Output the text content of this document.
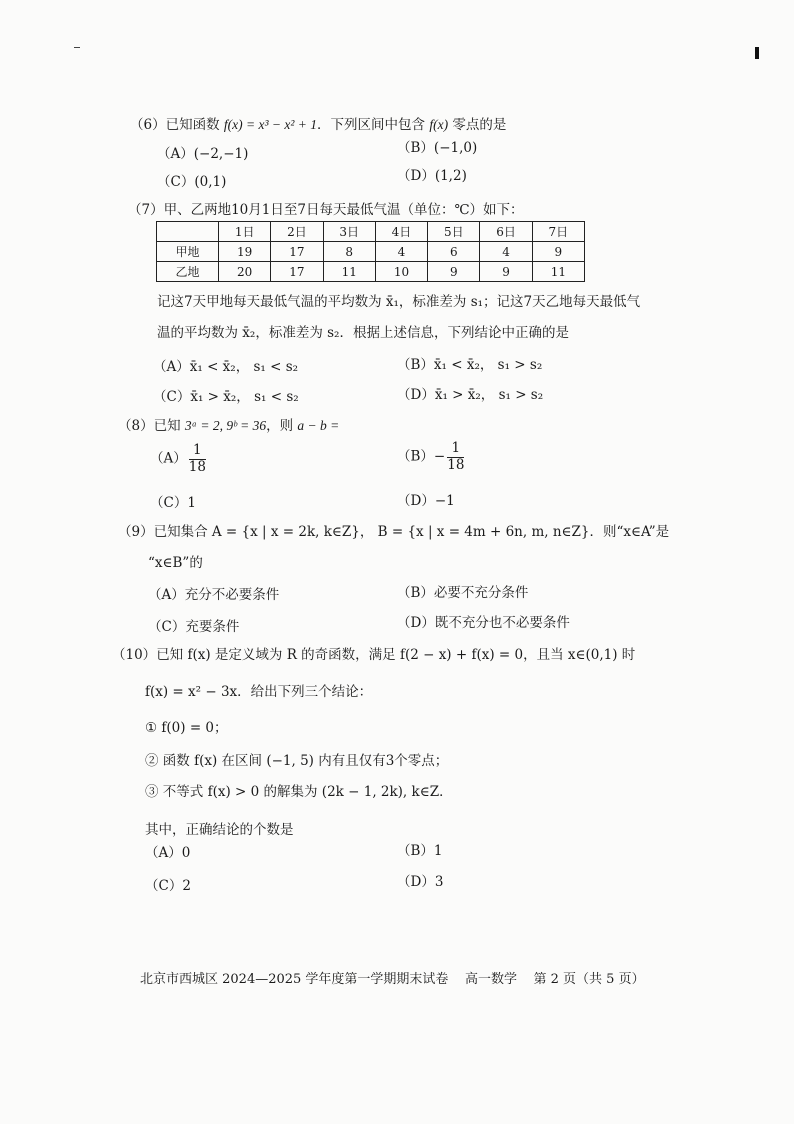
（6）已知函数 f(x) = x³ − x² + 1．下列区间中包含 f(x) 零点的是
（A）(−2,−1)	（B）(−1,0)
（C）(0,1)	（D）(1,2)
（7）甲、乙两地10月1日至7日每天最低气温（单位：℃）如下：
	1日	2日	3日	4日	5日	6日	7日
甲地	19	17	8	4	6	4	9
乙地	20	17	11	10	9	9	11
记这7天甲地每天最低气温的平均数为 x̄₁，标准差为 s₁；记这7天乙地每天最低气
温的平均数为 x̄₂，标准差为 s₂．根据上述信息，下列结论中正确的是
（A）x̄₁ < x̄₂， s₁ < s₂	（B）x̄₁ < x̄₂， s₁ > s₂
（C）x̄₁ > x̄₂， s₁ < s₂	（D）x̄₁ > x̄₂， s₁ > s₂
（8）已知 3ᵃ = 2, 9ᵇ = 36，则 a − b =
$(A) \frac{1}{18}$	$(B)- \frac{1}{18}$
（C）1	（D）−1
（9）已知集合 A = {x | x = 2k, k∈Z}， B = {x | x = 4m + 6n, m, n∈Z}．则“x∈A”是
“x∈B”的
（A）充分不必要条件	（B）必要不充分条件
（C）充要条件	（D）既不充分也不必要条件
（10）已知 f(x) 是定义域为 R 的奇函数，满足 f(2 − x) + f(x) = 0，且当 x∈(0,1) 时
f(x) = x² − 3x．给出下列三个结论：
① f(0) = 0；
② 函数 f(x) 在区间 (−1, 5) 内有且仅有3个零点；
③ 不等式 f(x) > 0 的解集为 (2k − 1, 2k), k∈Z．
其中，正确结论的个数是
（A）0	（B）1
（C）2	（D）3
北京市西城区 2024—2025 学年度第一学期期末试卷 高一数学 第 2 页（共 5 页）
